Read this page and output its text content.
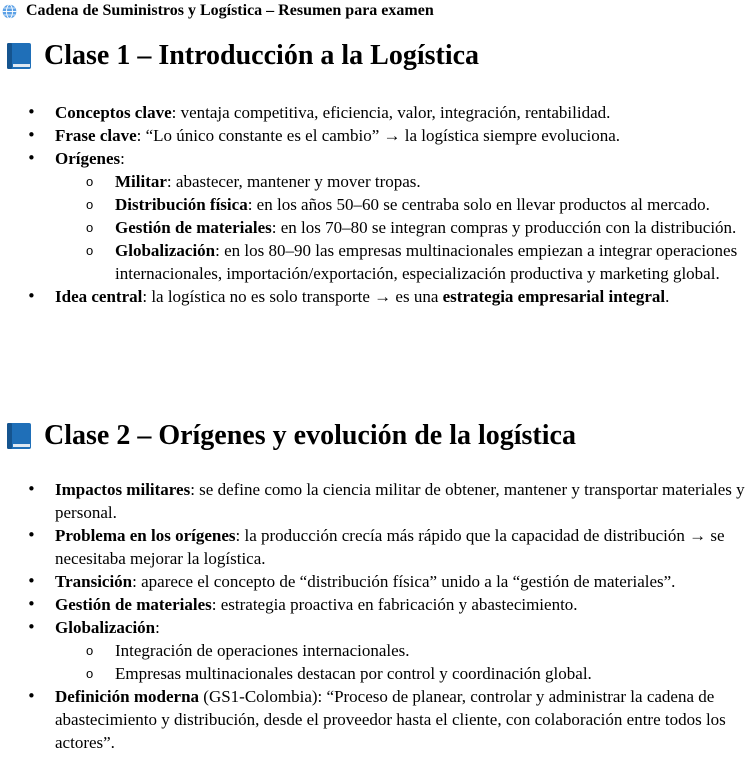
Cadena de Suministros y Logística – Resumen para examen
Clase 1 – Introducción a la Logística
• Conceptos clave: ventaja competitiva, eficiencia, valor, integración, rentabilidad.
• Frase clave: “Lo único constante es el cambio” → la logística siempre evoluciona.
• Orígenes:
o Militar: abastecer, mantener y mover tropas.
o Distribución física: en los años 50–60 se centraba solo en llevar productos al mercado.
o Gestión de materiales: en los 70–80 se integran compras y producción con la distribución.
o Globalización: en los 80–90 las empresas multinacionales empiezan a integrar operaciones internacionales, importación/exportación, especialización productiva y marketing global.
• Idea central: la logística no es solo transporte → es una estrategia empresarial integral.
Clase 2 – Orígenes y evolución de la logística
• Impactos militares: se define como la ciencia militar de obtener, mantener y transportar materiales y personal.
• Problema en los orígenes: la producción crecía más rápido que la capacidad de distribución → se necesitaba mejorar la logística.
• Transición: aparece el concepto de “distribución física” unido a la “gestión de materiales”.
• Gestión de materiales: estrategia proactiva en fabricación y abastecimiento.
• Globalización:
o Integración de operaciones internacionales.
o Empresas multinacionales destacan por control y coordinación global.
• Definición moderna (GS1-Colombia): “Proceso de planear, controlar y administrar la cadena de abastecimiento y distribución, desde el proveedor hasta el cliente, con colaboración entre todos los actores”.
